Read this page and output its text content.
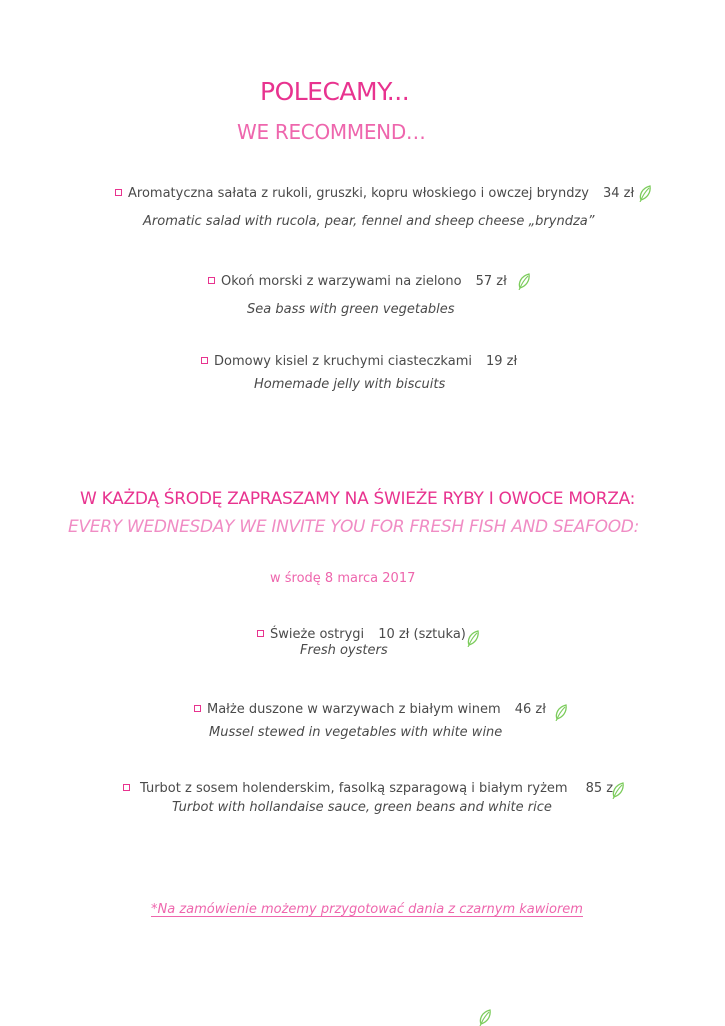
POLECAMY...
WE RECOMMEND…
Aromatyczna sałata z rukoli, gruszki, kopru włoskiego i owczej bryndzy 34 zł
Aromatic salad with rucola, pear, fennel and sheep cheese „bryndza”
Okoń morski z warzywami na zielono 57 zł
Sea bass with green vegetables
Domowy kisiel z kruchymi ciasteczkami 19 zł
Homemade jelly with biscuits
W KAŻDĄ ŚRODĘ ZAPRASZAMY NA ŚWIEŻE RYBY I OWOCE MORZA:
EVERY WEDNESDAY WE INVITE YOU FOR FRESH FISH AND SEAFOOD:
w środę 8 marca 2017
Świeże ostrygi 10 zł (sztuka)
Fresh oysters
Małże duszone w warzywach z białym winem 46 zł
Mussel stewed in vegetables with white wine
Turbot z sosem holenderskim, fasolką szparagową i białym ryżem 85 z
Turbot with hollandaise sauce, green beans and white rice
*Na zamówienie możemy przygotować dania z czarnym kawiorem
